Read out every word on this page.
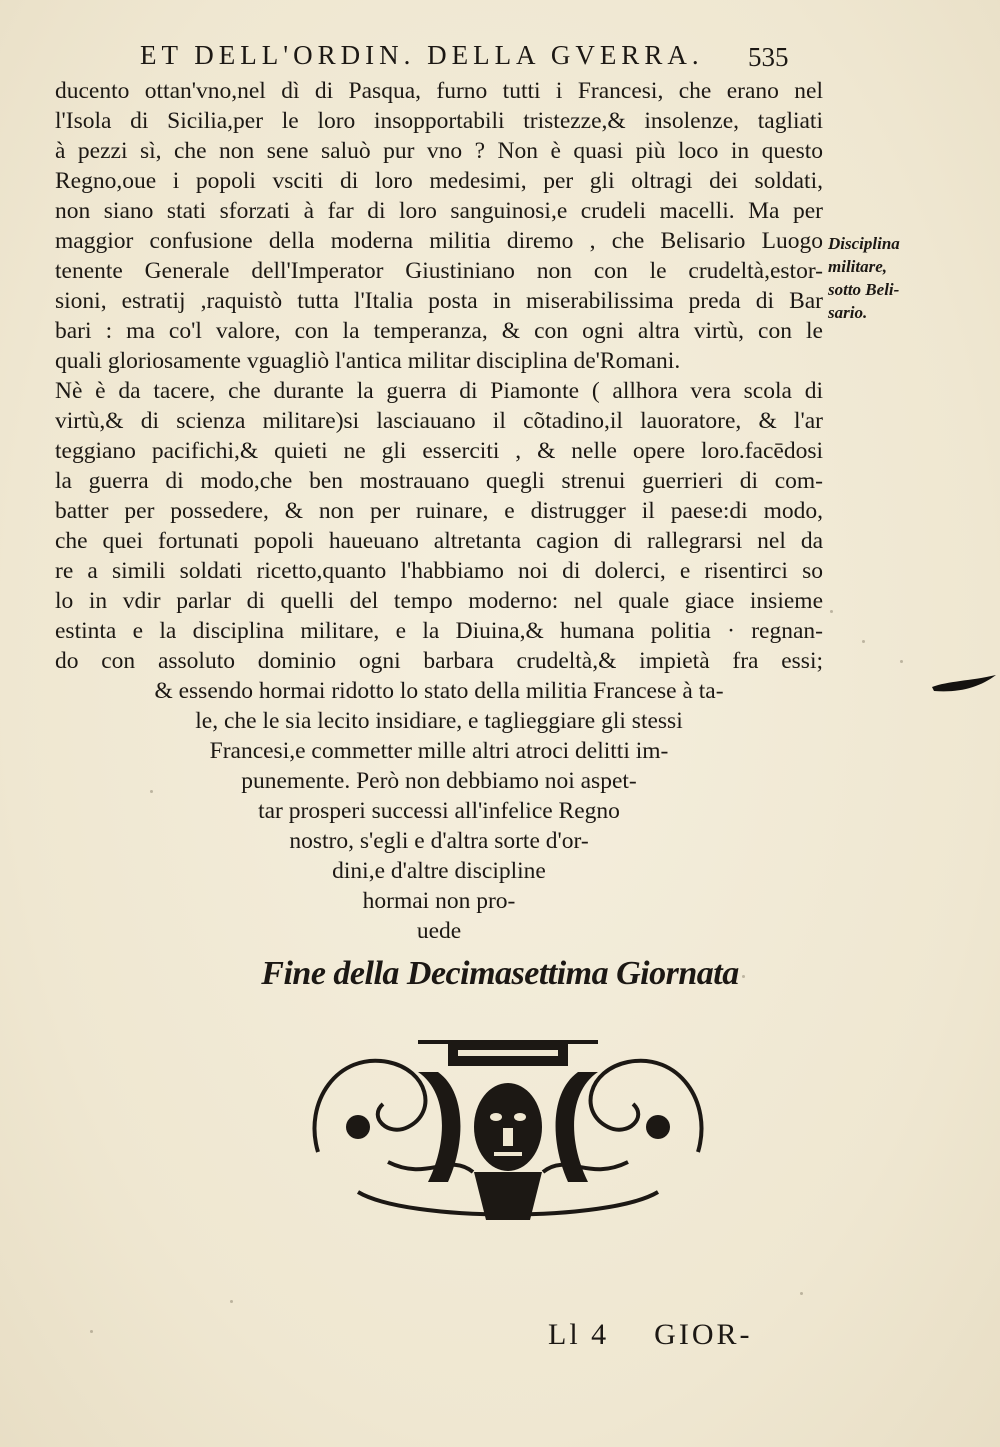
ET DELL'ORDIN. DELLA GVERRA.	535
ducento ottan'vno,nel dì di Pasqua, furno tutti i Francesi, che erano nel
l'Isola di Sicilia,per le loro insopportabili tristezze,& insolenze, tagliati
à pezzi sì, che non sene saluò pur vno ? Non è quasi più loco in questo
Regno,oue i popoli vsciti di loro medesimi, per gli oltragi dei soldati,
non siano stati sforzati à far di loro sanguinosi,e crudeli macelli. Ma per
maggior confusione della moderna militia diremo , che Belisario Luogo
tenente Generale dell'Imperator Giustiniano non con le crudeltà,estor-
sioni, estratij ,raquistò tutta l'Italia posta in miserabilissima preda di Bar
bari : ma co'l valore, con la temperanza, & con ogni altra virtù, con le
quali gloriosamente vguagliò l'antica militar disciplina de'Romani.
Nè è da tacere, che durante la guerra di Piamonte ( allhora vera scola di
virtù,& di scienza militare)si lasciauano il cõtadino,il lauoratore, & l'ar
teggiano pacifichi,& quieti ne gli esserciti , & nelle opere loro.facēdosi
la guerra di modo,che ben mostrauano quegli strenui guerrieri di com-
batter per possedere, & non per ruinare, e distrugger il paese:di modo,
che quei fortunati popoli haueuano altretanta cagion di rallegrarsi nel da
re a simili soldati ricetto,quanto l'habbiamo noi di dolerci, e risentirci so
lo in vdir parlar di quelli del tempo moderno: nel quale giace insieme
estinta e la disciplina militare, e la Diuina,& humana politia · regnan-
do con assoluto dominio ogni barbara crudeltà,& impietà fra essi;
& essendo hormai ridotto lo stato della militia Francese à ta-
le, che le sia lecito insidiare, e taglieggiare gli stessi
Francesi,e commetter mille altri atroci delitti im-
punemente. Però non debbiamo noi aspet-
tar prosperi successi all'infelice Regno
nostro, s'egli e d'altra sorte d'or-
dini,e d'altre discipline
hormai non pro-
uede
Disciplina
militare,
sotto Beli-
sario.
Fine della Decimasettima Giornata
Ll 4 GIOR-
